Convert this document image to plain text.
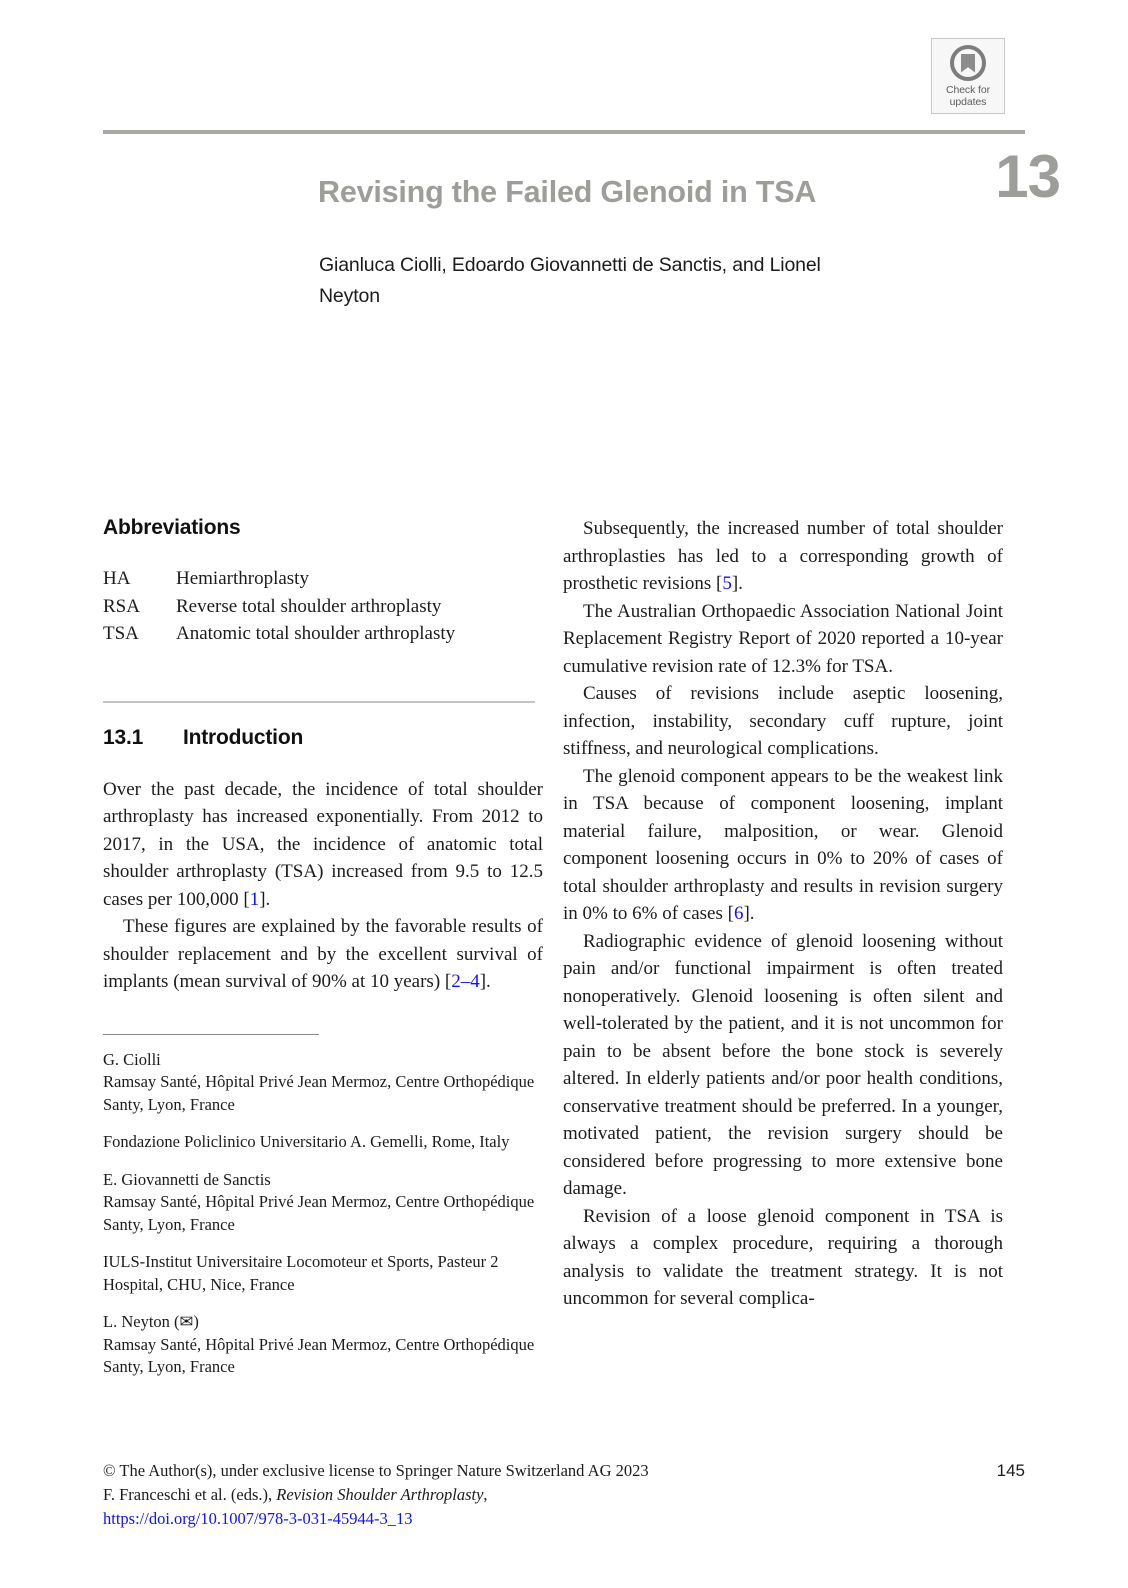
Check for
updates
Revising the Failed Glenoid in TSA	13
Gianluca Ciolli, Edoardo Giovannetti de Sanctis, and Lionel Neyton
Abbreviations
HA	Hemiarthroplasty
RSA	Reverse total shoulder arthroplasty
TSA	Anatomic total shoulder arthroplasty
13.1	Introduction

Over the past decade, the incidence of total shoulder arthroplasty has increased exponentially. From 2012 to 2017, in the USA, the incidence of anatomic total shoulder arthroplasty (TSA) increased from 9.5 to 12.5 cases per 100,000 [1].

These figures are explained by the favorable results of shoulder replacement and by the excellent survival of implants (mean survival of 90% at 10 years) [2–4].

G. Ciolli
Ramsay Santé, Hôpital Privé Jean Mermoz, Centre Orthopédique Santy, Lyon, France

Fondazione Policlinico Universitario A. Gemelli, Rome, Italy

E. Giovannetti de Sanctis
Ramsay Santé, Hôpital Privé Jean Mermoz, Centre Orthopédique Santy, Lyon, France

IULS-Institut Universitaire Locomoteur et Sports, Pasteur 2 Hospital, CHU, Nice, France

L. Neyton (✉)
Ramsay Santé, Hôpital Privé Jean Mermoz, Centre Orthopédique Santy, Lyon, France

Subsequently, the increased number of total shoulder arthroplasties has led to a corresponding growth of prosthetic revisions [5].

The Australian Orthopaedic Association National Joint Replacement Registry Report of 2020 reported a 10-year cumulative revision rate of 12.3% for TSA.

Causes of revisions include aseptic loosening, infection, instability, secondary cuff rupture, joint stiffness, and neurological complications.

The glenoid component appears to be the weakest link in TSA because of component loosening, implant material failure, malposition, or wear. Glenoid component loosening occurs in 0% to 20% of cases of total shoulder arthroplasty and results in revision surgery in 0% to 6% of cases [6].

Radiographic evidence of glenoid loosening without pain and/or functional impairment is often treated nonoperatively. Glenoid loosening is often silent and well-tolerated by the patient, and it is not uncommon for pain to be absent before the bone stock is severely altered. In elderly patients and/or poor health conditions, conservative treatment should be preferred. In a younger, motivated patient, the revision surgery should be considered before progressing to more extensive bone damage.

Revision of a loose glenoid component in TSA is always a complex procedure, requiring a thorough analysis to validate the treatment strategy. It is not uncommon for several complica-

© The Author(s), under exclusive license to Springer Nature Switzerland AG 2023
F. Franceschi et al. (eds.), Revision Shoulder Arthroplasty,
https://doi.org/10.1007/978-3-031-45944-3_13
145
